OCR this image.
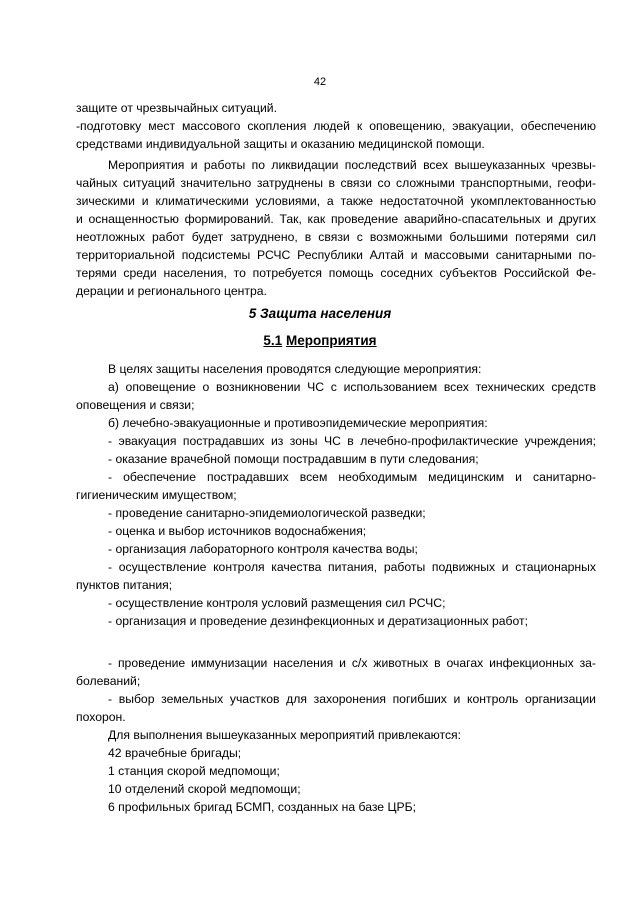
42
защите от чрезвычайных ситуаций.
-подготовку мест массового скопления людей к оповещению, эвакуации, обеспечению
средствами индивидуальной защиты и оказанию медицинской помощи.
Мероприятия и работы по ликвидации последствий всех вышеуказанных чрезвы-
чайных ситуаций значительно затруднены в связи со сложными транспортными, геофи-
зическими и климатическими условиями, а также недостаточной укомплектованностью
и оснащенностью формирований. Так, как проведение аварийно-спасательных и других
неотложных работ будет затруднено, в связи с возможными большими потерями сил
территориальной подсистемы РСЧС Республики Алтай и массовыми санитарными по-
терями среди населения, то потребуется помощь соседних субъектов Российской Фе-
дерации и регионального центра.
5 Защита населения
5.1 Мероприятия
В целях защиты населения проводятся следующие мероприятия:
а) оповещение о возникновении ЧС с использованием всех технических средств
оповещения и связи;
б) лечебно-эвакуационные и противоэпидемические мероприятия:
- эвакуация пострадавших из зоны ЧС в лечебно-профилактические учреждения;
- оказание врачебной помощи пострадавшим в пути следования;
- обеспечение пострадавших всем необходимым медицинским и санитарно-
гигиеническим имуществом;
- проведение санитарно-эпидемиологической разведки;
- оценка и выбор источников водоснабжения;
- организация лабораторного контроля качества воды;
- осуществление контроля качества питания, работы подвижных и стационарных
пунктов питания;
- осуществление контроля условий размещения сил РСЧС;
- организация и проведение дезинфекционных и дератизационных работ;
- проведение иммунизации населения и с/х животных в очагах инфекционных за-
болеваний;
- выбор земельных участков для захоронения погибших и контроль организации
похорон.
Для выполнения вышеуказанных мероприятий привлекаются:
42 врачебные бригады;
1 станция скорой медпомощи;
10 отделений скорой медпомощи;
6 профильных бригад БСМП, созданных на базе ЦРБ;
